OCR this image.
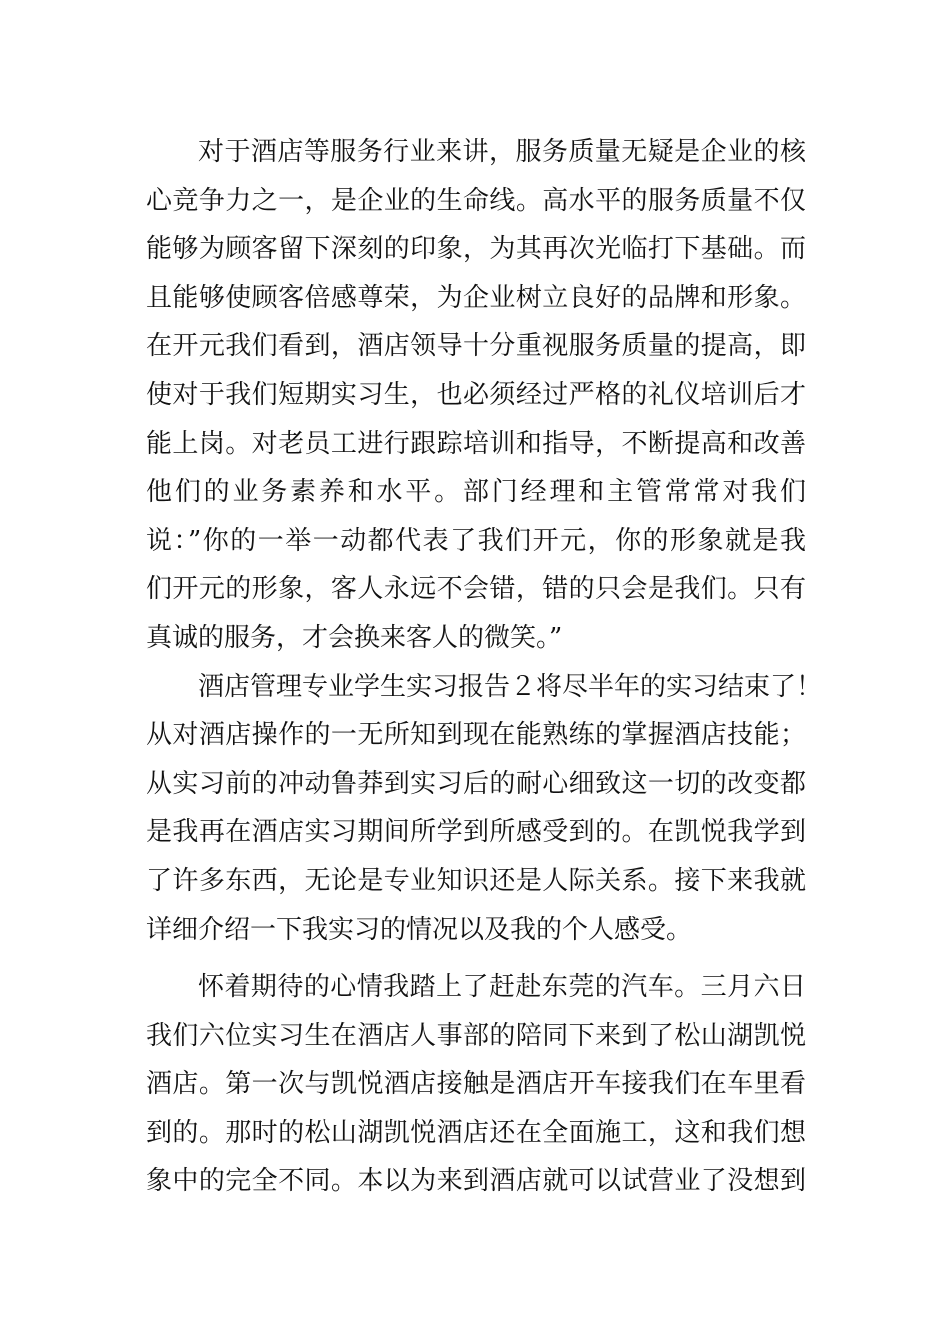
对于酒店等服务行业来讲，服务质量无疑是企业的核
心竞争力之一，是企业的生命线。高水平的服务质量不仅
能够为顾客留下深刻的印象，为其再次光临打下基础。而
且能够使顾客倍感尊荣，为企业树立良好的品牌和形象。
在开元我们看到，酒店领导十分重视服务质量的提高，即
使对于我们短期实习生，也必须经过严格的礼仪培训后才
能上岗。对老员工进行跟踪培训和指导，不断提高和改善
他们的业务素养和水平。部门经理和主管常常对我们
说：”你的一举一动都代表了我们开元，你的形象就是我
们开元的形象，客人永远不会错，错的只会是我们。只有
真诚的服务，才会换来客人的微笑。”
酒店管理专业学生实习报告２将尽半年的实习结束了！
从对酒店操作的一无所知到现在能熟练的掌握酒店技能；
从实习前的冲动鲁莽到实习后的耐心细致这一切的改变都
是我再在酒店实习期间所学到所感受到的。在凯悦我学到
了许多东西，无论是专业知识还是人际关系。接下来我就
详细介绍一下我实习的情况以及我的个人感受。
怀着期待的心情我踏上了赶赴东莞的汽车。三月六日
我们六位实习生在酒店人事部的陪同下来到了松山湖凯悦
酒店。第一次与凯悦酒店接触是酒店开车接我们在车里看
到的。那时的松山湖凯悦酒店还在全面施工，这和我们想
象中的完全不同。本以为来到酒店就可以试营业了没想到
